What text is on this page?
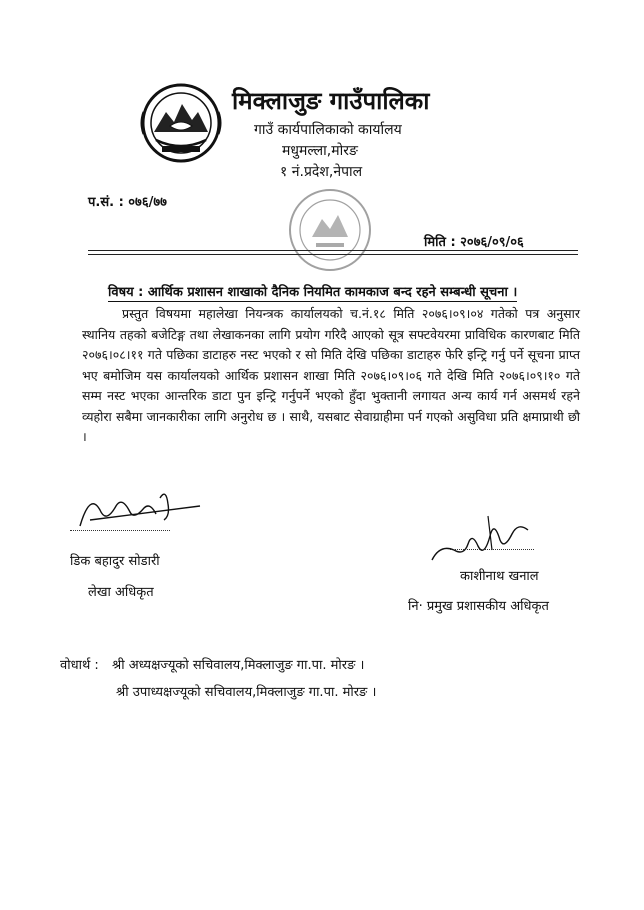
मिक्लाजुङ गाउँपालिका
गाउँ कार्यपालिकाको कार्यालय
मधुमल्ला,मोरङ
१ नं.प्रदेश,नेपाल
प.सं. : ०७६/७७
मिति : २०७६/०९/०६
विषय : आर्थिक प्रशासन शाखाको दैनिक नियमित कामकाज बन्द रहने सम्बन्धी सूचना ।
प्रस्तुत विषयमा महालेखा नियन्त्रक कार्यालयको च.नं.१८ मिति २०७६।०९।०४ गतेको पत्र अनुसार स्थानिय तहको बजेटिङ्ग तथा लेखाकनका लागि प्रयोग गरिदै आएको सूत्र सफ्टवेयरमा प्राविधिक कारणबाट मिति २०७६।०८।११ गते पछिका डाटाहरु नस्ट भएको र सो मिति देखि पछिका डाटाहरु फेरि इन्ट्रि गर्नु पर्ने सूचना प्राप्त भए बमोजिम यस कार्यालयको आर्थिक प्रशासन शाखा मिति २०७६।०९।०६ गते देखि मिति २०७६।०९।१० गते सम्म नस्ट भएका आन्तरिक डाटा पुन इन्ट्रि गर्नुपर्ने भएको हुँदा भुक्तानी लगायत अन्य कार्य गर्न असमर्थ रहने व्यहोरा सबैमा जानकारीका लागि अनुरोध छ । साथै, यसबाट सेवाग्राहीमा पर्न गएको असुविधा प्रति क्षमाप्राथी छौ ।
डिक बहादुर सोडारी
लेखा अधिकृत
काशीनाथ खनाल
नि· प्रमुख प्रशासकीय अधिकृत
वोधार्थ : श्री अध्यक्षज्यूको सचिवालय,मिक्लाजुङ गा.पा. मोरङ ।
श्री उपाध्यक्षज्यूको सचिवालय,मिक्लाजुङ गा.पा. मोरङ ।
